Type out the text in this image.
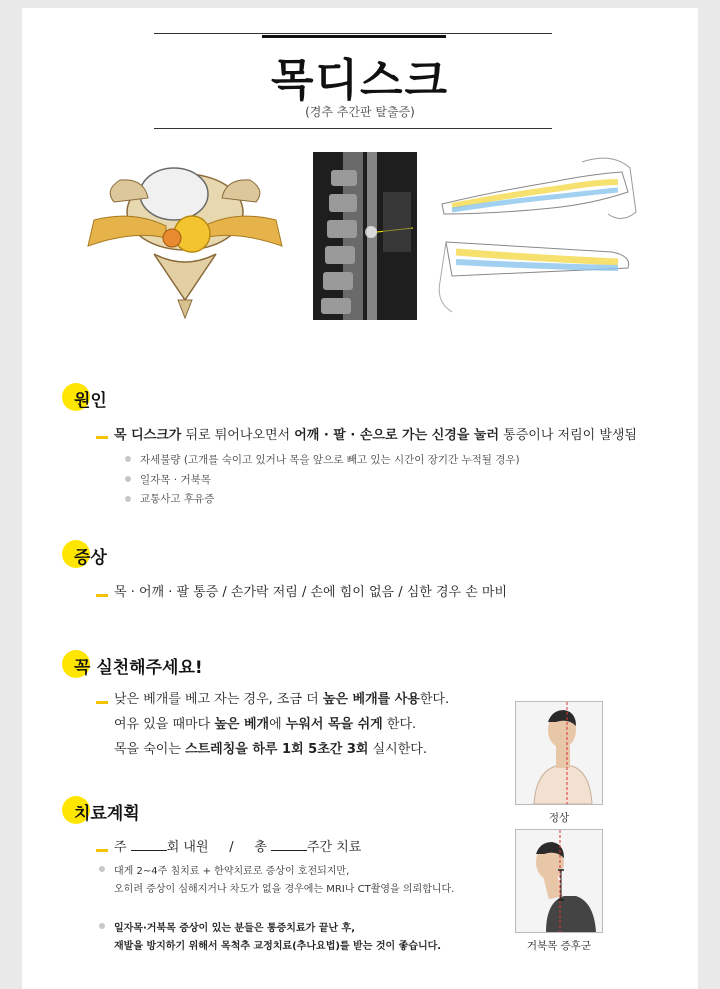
목디스크
(경추 추간판 탈출증)
원인
목 디스크가 뒤로 튀어나오면서 어깨 · 팔 · 손으로 가는 신경을 눌러 통증이나 저림이 발생됨
자세불량 (고개를 숙이고 있거나 목을 앞으로 빼고 있는 시간이 장기간 누적될 경우)
일자목 · 거북목
교통사고 후유증
증상
목 · 어깨 · 팔 통증 / 손가락 저림 / 손에 힘이 없음 / 심한 경우 손 마비
꼭 실천해주세요!
낮은 베개를 베고 자는 경우, 조금 더 높은 베개를 사용한다.
여유 있을 때마다 높은 베개에 누워서 목을 쉬게 한다.
목을 숙이는 스트레칭을 하루 1회 5초간 3회 실시한다.
치료계획
주	회 내원 / 총	주간 치료
대게 2~4주 침치료 + 한약치료로 증상이 호전되지만,
오히려 증상이 심해지거나 차도가 없을 경우에는 MRI나 CT촬영을 의뢰합니다.
일자목·거북목 증상이 있는 분들은 통증치료가 끝난 후,
재발을 방지하기 위해서 목척추 교정치료(추나요법)를 받는 것이 좋습니다.
정상
거북목 증후군
